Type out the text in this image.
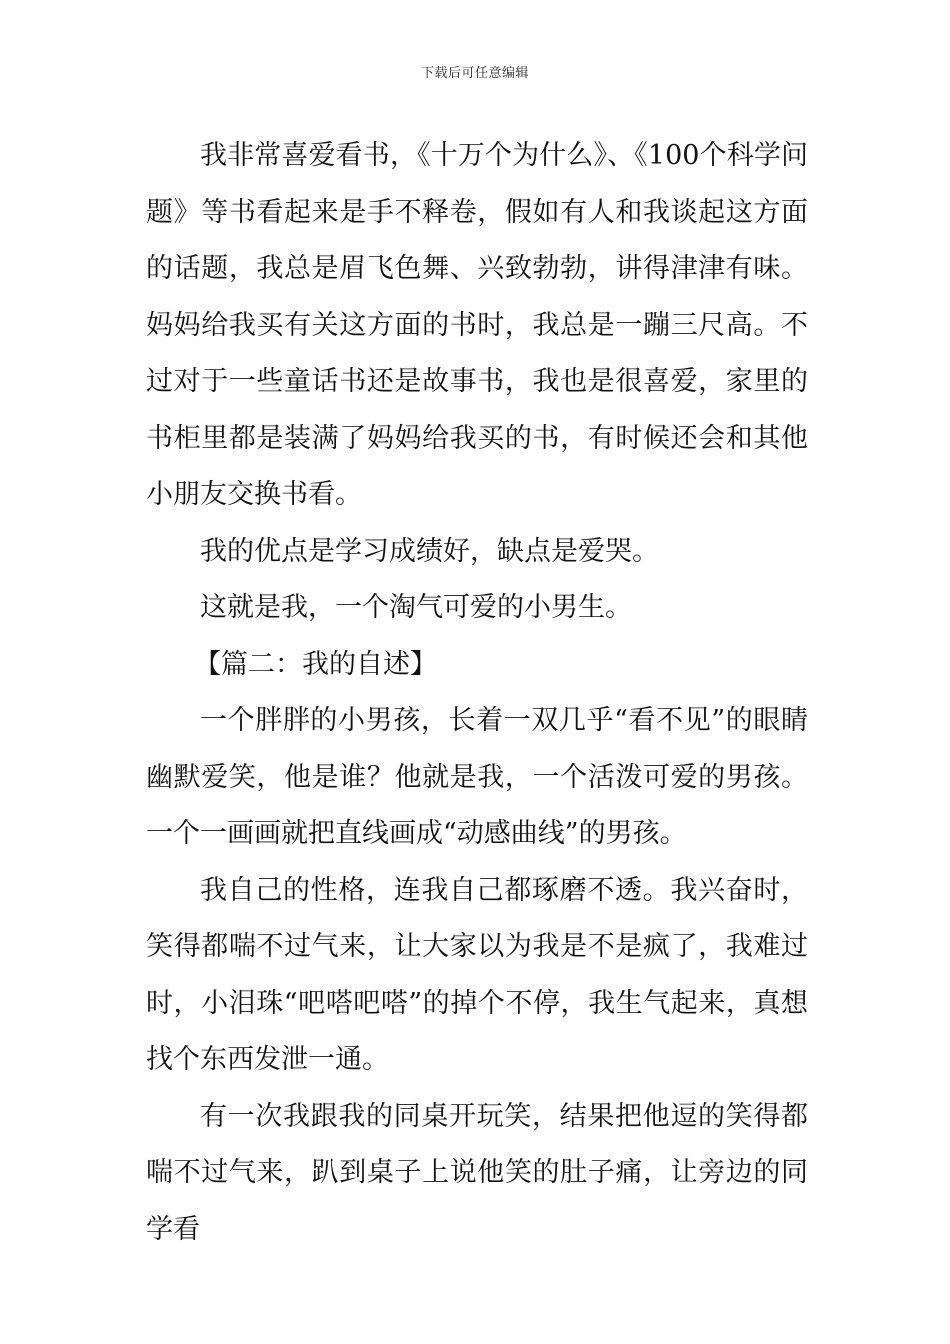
下载后可任意编辑

我非常喜爱看书，《十万个为什么》、《100个科学问题》等书看起来是手不释卷，假如有人和我谈起这方面的话题，我总是眉飞色舞、兴致勃勃，讲得津津有味。妈妈给我买有关这方面的书时，我总是一蹦三尺高。不过对于一些童话书还是故事书，我也是很喜爱，家里的书柜里都是装满了妈妈给我买的书，有时候还会和其他小朋友交换书看。

我的优点是学习成绩好，缺点是爱哭。

这就是我，一个淘气可爱的小男生。

【篇二：我的自述】

一个胖胖的小男孩，长着一双几乎“看不见”的眼睛幽默爱笑，他是谁？他就是我，一个活泼可爱的男孩。一个一画画就把直线画成“动感曲线”的男孩。

我自己的性格，连我自己都琢磨不透。我兴奋时，笑得都喘不过气来，让大家以为我是不是疯了，我难过时，小泪珠“吧嗒吧嗒”的掉个不停，我生气起来，真想找个东西发泄一通。

有一次我跟我的同桌开玩笑，结果把他逗的笑得都喘不过气来，趴到桌子上说他笑的肚子痛，让旁边的同学看
